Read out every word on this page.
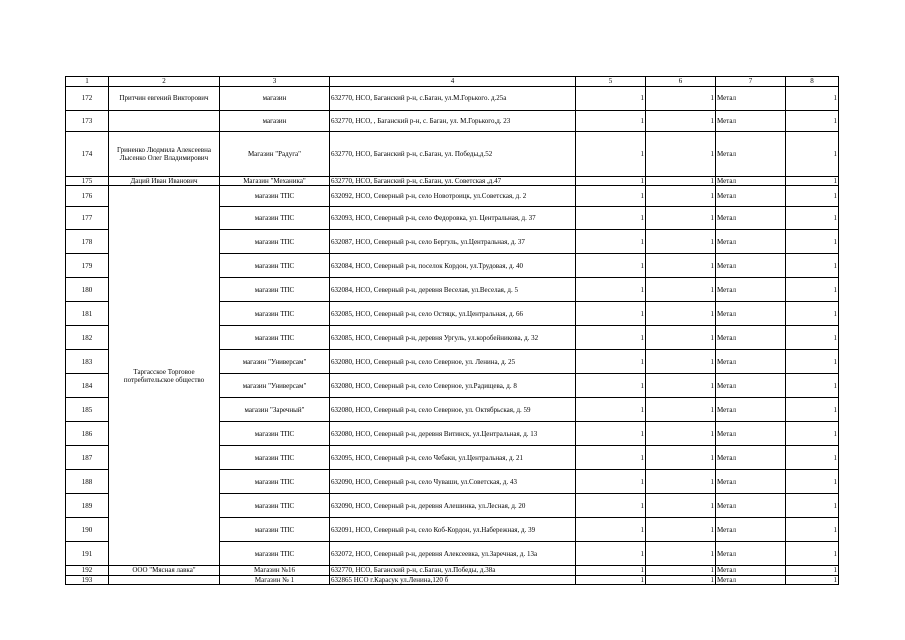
1	2	3	4	5	6	7	8
172	Притчин евгений Викторович	магазин	632770, НСО, Баганский р-н, с.Баган, ул.М.Горького. д.25а	1	1	Метал	1
173		магазин	632770, НСО, , Баганский р-н, с. Баган, ул. М.Горького,д. 23	1	1	Метал	1
174	Гриненко Людмила Алексеевна Лысенко Олег Владимирович	Магазин "Радуга"	632770, НСО, Баганский р-н, с.Баган, ул. Победы,д.52	1	1	Метал	1
175	Даций Иван Иванович	Магазин "Механика"	632770, НСО, Баганский р-н, с.Баган, ул. Советская ,д.47	1	1	Метал	1
176	Таргасское Торговое потребительское общество	магазин ТПС	632092, НСО, Северный р-н, село Новотроицк, ул.Советская, д. 2	1	1	Метал	1
177		магазин ТПС	632093, НСО, Северный р-н, село Федоровка, ул. Центральная, д. 37	1	1	Метал	1
178		магазин ТПС	632087, НСО, Северный р-н, село Бергуль, ул.Центральная, д. 37	1	1	Метал	1
179		магазин ТПС	632084, НСО, Северный р-н, поселок Кордон, ул.Трудовая, д. 40	1	1	Метал	1
180		магазин ТПС	632084, НСО, Северный р-н, деревня Веселая, ул.Веселая, д. 5	1	1	Метал	1
181		магазин ТПС	632085, НСО, Северный р-н, село Остяцк, ул.Центральная, д. 66	1	1	Метал	1
182		магазин ТПС	632085, НСО, Северный р-н, деревня Ургуль, ул.коробейникова, д. 32	1	1	Метал	1
183		магазин "Универсам"	632080, НСО, Северный р-н, село Северное, ул. Ленина, д. 25	1	1	Метал	1
184		магазин "Универсам"	632080, НСО, Северный р-н, село Северное, ул.Радищева, д. 8	1	1	Метал	1
185		магазин "Заречный"	632080, НСО, Северный р-н, село Северное, ул. Октябрьская, д. 59	1	1	Метал	1
186		магазин ТПС	632080, НСО, Северный р-н, деревня Витинск, ул.Центральная, д. 13	1	1	Метал	1
187		магазин ТПС	632095, НСО, Северный р-н, село Чебаки, ул.Центральная, д. 21	1	1	Метал	1
188		магазин ТПС	632090, НСО, Северный р-н, село Чуваши, ул.Советская, д. 43	1	1	Метал	1
189		магазин ТПС	632090, НСО, Северный р-н, деревня Алешинка, ул.Лесная, д. 20	1	1	Метал	1
190		магазин ТПС	632091, НСО, Северный р-н, село Коб-Кордон, ул.Набережная, д. 39	1	1	Метал	1
191		магазин ТПС	632072, НСО, Северный р-н, деревня Алексеевка, ул.Заречная, д. 13а	1	1	Метал	1
192	ООО "Мясная лавка"	Магазин №16	632770, НСО, Баганский р-н, с.Баган, ул.Победы, д.38а	1	1	Метал	1
193		Магазин № 1	632865 НСО г.Карасук ул.Ленина,120 б	1	1	Метал	1
